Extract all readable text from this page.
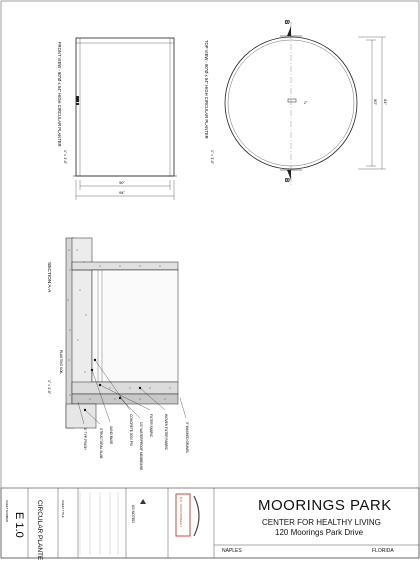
90"
94"
FRONT VIEW - 90"Ø x 54" HIGH CIRCULAR PLANTER
1" = 1'-0"
2"
B
B
90" 94"
TOP VIEW - 90"Ø x 54" HIGH CIRCULAR PLANTER
1" = 1'-0"
3" WASHED GRAVEL
WOVEN FILTER FABRIC
FILTER FABRIC
1/2" WATERPROOF MEMBRANE
CONCRETE 3000 PSI
SAND BASE
STRUCTURAL SLAB
1" TYP. FINISH
PLANTING SOIL
SECTION A-A
1" = 1'-0"
E 1.0
SHEET NUMBER	CIRCULAR PLANTER	SHEET TITLE	AS NOTED	D.C. SCHILDKNECHT	MOORINGS PARK
CENTER FOR HEALTHY LIVING
120 Moorings Park Drive
NAPLES	FLORIDA
